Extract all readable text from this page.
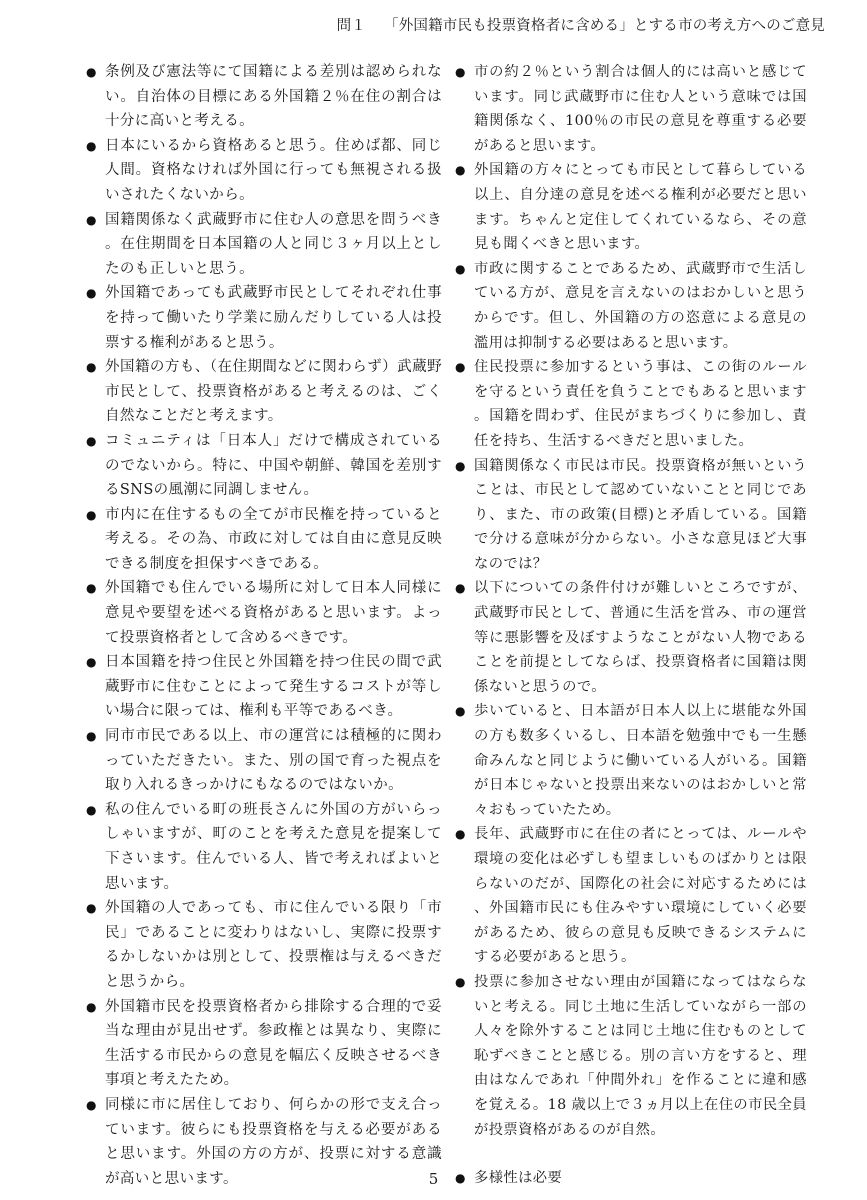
問１ 「外国籍市民も投票資格者に含める」とする市の考え方へのご意見
● 条例及び憲法等にて国籍による差別は認められない。自治体の目標にある外国籍２％在住の割合は十分に高いと考える。
● 日本にいるから資格あると思う。住めば都、同じ人間。資格なければ外国に行っても無視される扱いされたくないから。
● 国籍関係なく武蔵野市に住む人の意思を問うべき。在住期間を日本国籍の人と同じ３ヶ月以上としたのも正しいと思う。
● 外国籍であっても武蔵野市民としてそれぞれ仕事を持って働いたり学業に励んだりしている人は投票する権利があると思う。
● 外国籍の方も、（在住期間などに関わらず）武蔵野市民として、投票資格があると考えるのは、ごく自然なことだと考えます。
● コミュニティは「日本人」だけで構成されているのでないから。特に、中国や朝鮮、韓国を差別するSNSの風潮に同調しません。
● 市内に在住するもの全てが市民権を持っていると考える。その為、市政に対しては自由に意見反映できる制度を担保すべきである。
● 外国籍でも住んでいる場所に対して日本人同様に意見や要望を述べる資格があると思います。よって投票資格者として含めるべきです。
● 日本国籍を持つ住民と外国籍を持つ住民の間で武蔵野市に住むことによって発生するコストが等しい場合に限っては、権利も平等であるべき。
● 同市市民である以上、市の運営には積極的に関わっていただきたい。また、別の国で育った視点を取り入れるきっかけにもなるのではないか。
● 私の住んでいる町の班長さんに外国の方がいらっしゃいますが、町のことを考えた意見を提案して下さいます。住んでいる人、皆で考えればよいと思います。
● 外国籍の人であっても、市に住んでいる限り「市民」であることに変わりはないし、実際に投票するかしないかは別として、投票権は与えるべきだと思うから。
● 外国籍市民を投票資格者から排除する合理的で妥当な理由が見出せず。参政権とは異なり、実際に生活する市民からの意見を幅広く反映させるべき事項と考えたため。
● 同様に市に居住しており、何らかの形で支え合っています。彼らにも投票資格を与える必要があると思います。外国の方の方が、投票に対する意識が高いと思います。
● 市の約２％という割合は個人的には高いと感じています。同じ武蔵野市に住む人という意味では国籍関係なく、100％の市民の意見を尊重する必要があると思います。
● 外国籍の方々にとっても市民として暮らしている以上、自分達の意見を述べる権利が必要だと思います。ちゃんと定住してくれているなら、その意見も聞くべきと思います。
● 市政に関することであるため、武蔵野市で生活している方が、意見を言えないのはおかしいと思うからです。但し、外国籍の方の恣意による意見の濫用は抑制する必要はあると思います。
● 住民投票に参加するという事は、この街のルールを守るという責任を負うことでもあると思います。国籍を問わず、住民がまちづくりに参加し、責任を持ち、生活するべきだと思いました。
● 国籍関係なく市民は市民。投票資格が無いということは、市民として認めていないことと同じであり、また、市の政策(目標)と矛盾している。国籍で分ける意味が分からない。小さな意見ほど大事なのでは？
● 以下についての条件付けが難しいところですが、武蔵野市民として、普通に生活を営み、市の運営等に悪影響を及ぼすようなことがない人物であることを前提としてならば、投票資格者に国籍は関係ないと思うので。
● 歩いていると、日本語が日本人以上に堪能な外国の方も数多くいるし、日本語を勉強中でも一生懸命みんなと同じように働いている人がいる。国籍が日本じゃないと投票出来ないのはおかしいと常々おもっていたため。
● 長年、武蔵野市に在住の者にとっては、ルールや環境の変化は必ずしも望ましいものばかりとは限らないのだが、国際化の社会に対応するためには、外国籍市民にも住みやすい環境にしていく必要があるため、彼らの意見も反映できるシステムにする必要があると思う。
● 投票に参加させない理由が国籍になってはならないと考える。同じ土地に生活していながら一部の人々を除外することは同じ土地に住むものとして恥ずべきことと感じる。別の言い方をすると、理由はなんであれ「仲間外れ」を作ることに違和感を覚える。18 歳以上で３ヵ月以上在住の市民全員が投票資格があるのが自然。
● 多様性は必要
5
